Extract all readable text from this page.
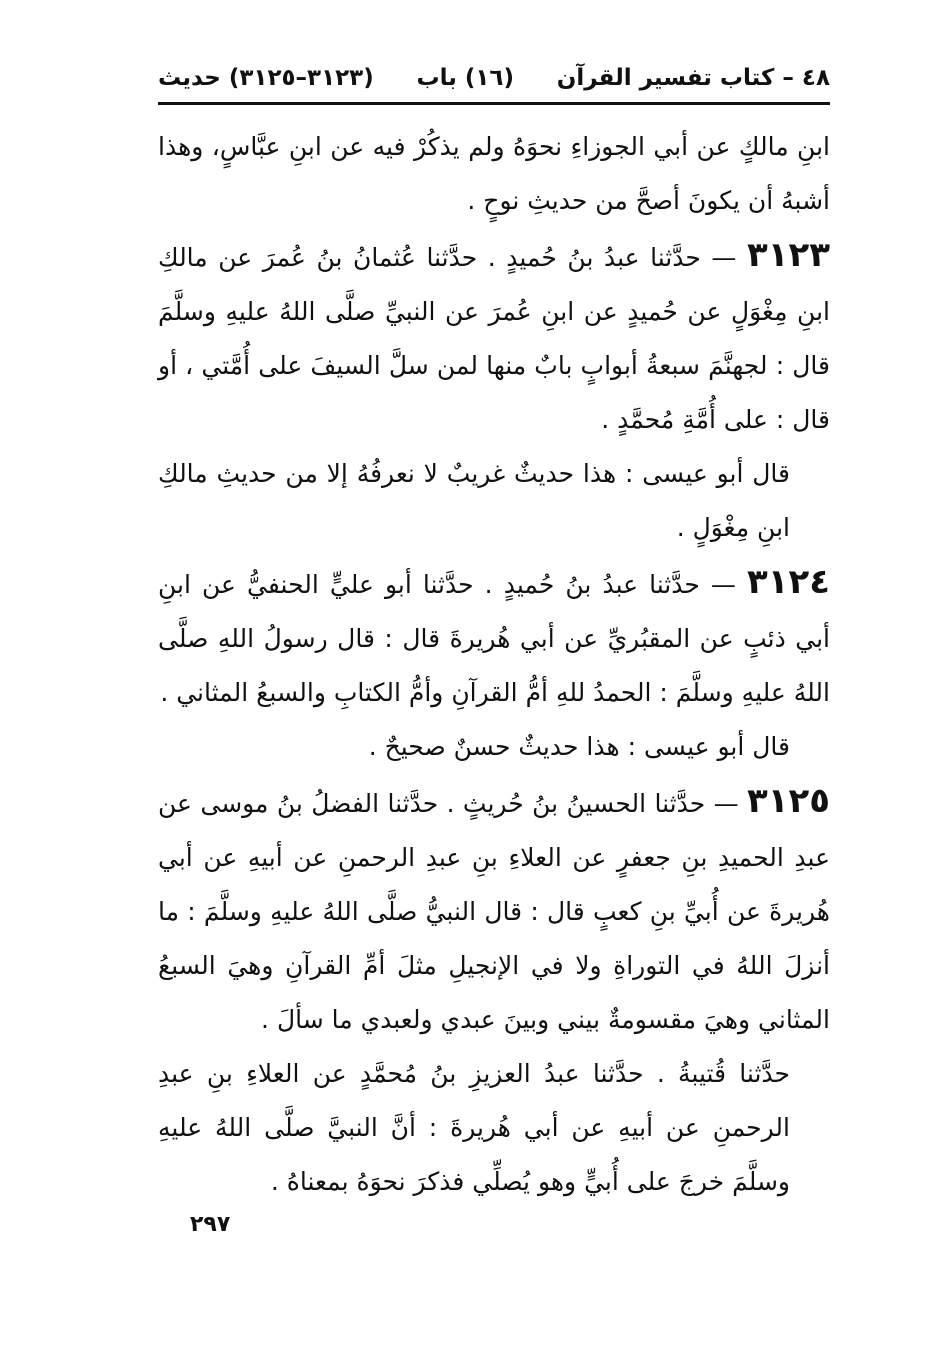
٤٨ – كتاب تفسير القرآن
(١٦) باب
(٣١٢٣–٣١٢٥) حديث

ابنِ مالكٍ عن أبي الجوزاءِ نحوَهُ ولم يذكُرْ فيه عن ابنِ عبَّاسٍ، وهذا أشبهُ أن يكونَ أصحَّ من حديثِ نوحٍ .

٣١٢٣ — حدَّثنا عبدُ بنُ حُميدٍ . حدَّثنا عُثمانُ بنُ عُمرَ عن مالكِ ابنِ مِغْوَلٍ عن حُميدٍ عن ابنِ عُمرَ عن النبيِّ صلَّى اللهُ عليهِ وسلَّمَ قال : لجهنَّمَ سبعةُ أبوابٍ بابٌ منها لمن سلَّ السيفَ على أُمَّتي ، أو قال : على أُمَّةِ مُحمَّدٍ .

قال أبو عيسى : هذا حديثٌ غريبٌ لا نعرفُهُ إلا من حديثِ مالكِ ابنِ مِغْوَلٍ .

٣١٢٤ — حدَّثنا عبدُ بنُ حُميدٍ . حدَّثنا أبو عليٍّ الحنفيُّ عن ابنِ أبي ذئبٍ عن المقبُريِّ عن أبي هُريرةَ قال : قال رسولُ اللهِ صلَّى اللهُ عليهِ وسلَّمَ : الحمدُ للهِ أمُّ القرآنِ وأمُّ الكتابِ والسبعُ المثاني .

قال أبو عيسى : هذا حديثٌ حسنٌ صحيحٌ .

٣١٢٥ — حدَّثنا الحسينُ بنُ حُريثٍ . حدَّثنا الفضلُ بنُ موسى عن عبدِ الحميدِ بنِ جعفرٍ عن العلاءِ بنِ عبدِ الرحمنِ عن أبيهِ عن أبي هُريرةَ عن أُبيِّ بنِ كعبٍ قال : قال النبيُّ صلَّى اللهُ عليهِ وسلَّمَ : ما أنزلَ اللهُ في التوراةِ ولا في الإنجيلِ مثلَ أمِّ القرآنِ وهيَ السبعُ المثاني وهيَ مقسومةٌ بيني وبينَ عبدي ولعبدي ما سألَ .

حدَّثنا قُتيبةُ . حدَّثنا عبدُ العزيزِ بنُ مُحمَّدٍ عن العلاءِ بنِ عبدِ الرحمنِ عن أبيهِ عن أبي هُريرةَ : أنَّ النبيَّ صلَّى اللهُ عليهِ وسلَّمَ خرجَ على أُبيٍّ وهو يُصلِّي فذكرَ نحوَهُ بمعناهُ .

٢٩٧
